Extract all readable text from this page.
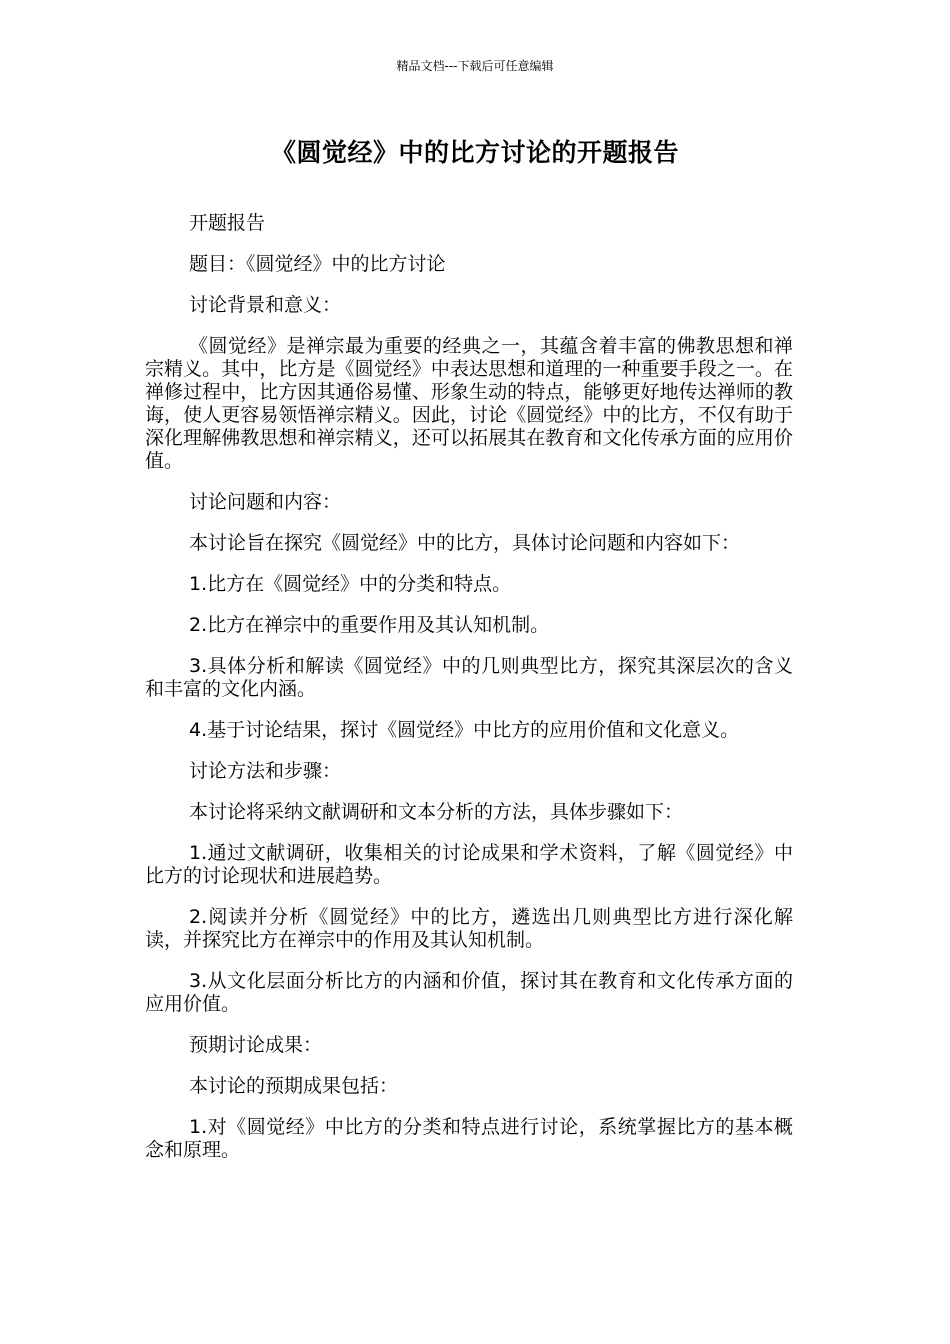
精品文档---下载后可任意编辑
《圆觉经》中的比方讨论的开题报告

开题报告

题目：《圆觉经》中的比方讨论

讨论背景和意义：

《圆觉经》是禅宗最为重要的经典之一，其蕴含着丰富的佛教思想和禅宗精义。其中，比方是《圆觉经》中表达思想和道理的一种重要手段之一。在禅修过程中，比方因其通俗易懂、形象生动的特点，能够更好地传达禅师的教诲，使人更容易领悟禅宗精义。因此，讨论《圆觉经》中的比方，不仅有助于深化理解佛教思想和禅宗精义，还可以拓展其在教育和文化传承方面的应用价值。

讨论问题和内容：

本讨论旨在探究《圆觉经》中的比方，具体讨论问题和内容如下：

1.比方在《圆觉经》中的分类和特点。

2.比方在禅宗中的重要作用及其认知机制。

3.具体分析和解读《圆觉经》中的几则典型比方，探究其深层次的含义和丰富的文化内涵。

4.基于讨论结果，探讨《圆觉经》中比方的应用价值和文化意义。

讨论方法和步骤：

本讨论将采纳文献调研和文本分析的方法，具体步骤如下：

1.通过文献调研，收集相关的讨论成果和学术资料，了解《圆觉经》中比方的讨论现状和进展趋势。

2.阅读并分析《圆觉经》中的比方，遴选出几则典型比方进行深化解读，并探究比方在禅宗中的作用及其认知机制。

3.从文化层面分析比方的内涵和价值，探讨其在教育和文化传承方面的应用价值。

预期讨论成果：

本讨论的预期成果包括：

1.对《圆觉经》中比方的分类和特点进行讨论，系统掌握比方的基本概念和原理。
